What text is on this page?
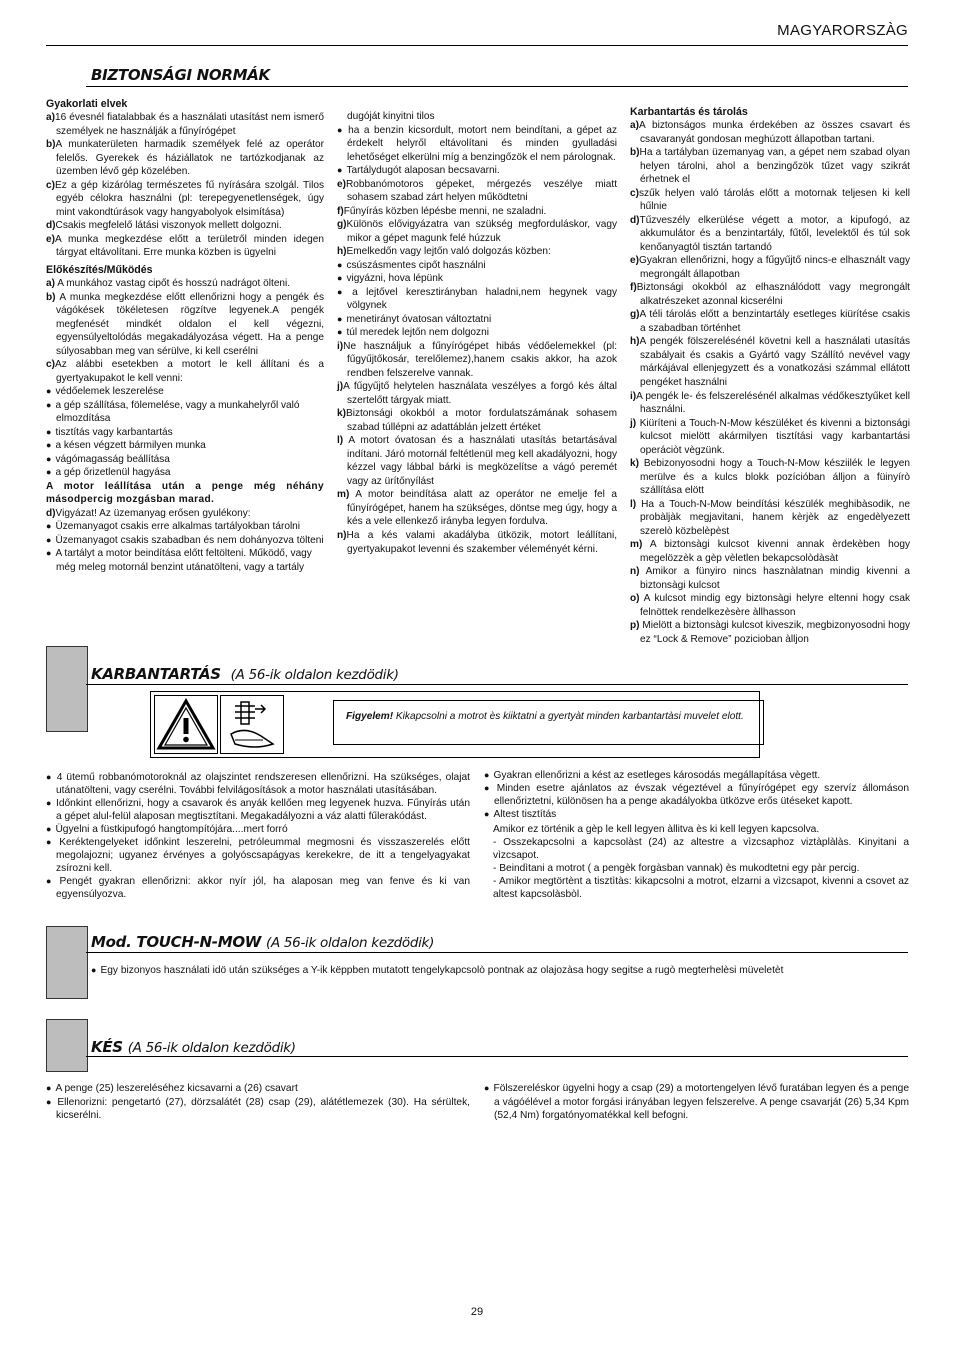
MAGYARORSZÀG
BIZTONSÁGI NORMÁK

Gyakorlati elvek

a)16 évesnél fiatalabbak és a használati utasítást nem ismerő személyek ne használják a fűnyírógépet

b)A munkaterületen harmadik személyek felé az operátor felelős. Gyerekek és háziállatok ne tartózkodjanak az üzemben lévő gép közelében.

c)Ez a gép kizárólag természetes fű nyírására szolgál. Tilos egyéb célokra használni (pl: terepegyenetlenségek, úgy mint vakondtúrások vagy hangyabolyok elsimítása)

d)Csakis megfelelő látási viszonyok mellett dolgozni.

e)A munka megkezdése előtt a területről minden idegen tárgyat eltávolítani. Erre munka közben is ügyelni

Előkészítés/Működés

a) A munkához vastag cipőt és hosszú nadrágot ölteni.

b) A munka megkezdése előtt ellenőrizni hogy a pengék és vágókések tökéletesen rögzítve legyenek.A pengék megfenését mindkét oldalon el kell végezni, egyensúlyeltolódás megakadályozása végett. Ha a penge súlyosabban meg van sérülve, ki kell cserélni

c)Az alábbi esetekben a motort le kell állítani és a gyertyakupakot le kell venni:

● védőelemek leszerelése

● a gép szállítása, fölemelése, vagy a munkahelyről való elmozdítása

● tisztítás vagy karbantartás

● a késen végzett bármilyen munka

● vágómagasság beállítása

● a gép őrizetlenül hagyása

A motor leállítása után a penge még néhány másodpercig mozgásban marad.

d)Vigyázat! Az üzemanyag erősen gyulékony:

● Üzemanyagot csakis erre alkalmas tartályokban tárolni

● Üzemanyagot csakis szabadban és nem dohányozva tölteni

● A tartályt a motor beindítása előtt feltölteni. Működő, vagy még meleg motornál benzint utánatölteni, vagy a tartály

dugóját kinyitni tilos

● ha a benzin kicsordult, motort nem beindítani, a gépet az érdekelt helyről eltávolítani és minden gyulladási lehetőséget elkerülni míg a benzingőzök el nem párolognak.

● Tartálydugót alaposan becsavarni.

e)Robbanómotoros gépeket, mérgezés veszélye miatt sohasem szabad zárt helyen működtetni

f)Fűnyírás közben lépésbe menni, ne szaladni.

g)Különös elővigyázatra van szükség megforduláskor, vagy mikor a gépet magunk felé húzzuk

h)Emelkedőn vagy lejtőn való dolgozás közben:

● csúszásmentes cipőt használni

● vigyázni, hova lépünk

● a lejtővel keresztirányban haladni,nem hegynek vagy völgynek

● menetirányt óvatosan változtatni

● túl meredek lejtőn nem dolgozni

i)Ne használjuk a fűnyírógépet hibás védőelemekkel (pl: fűgyűjtőkosár, terelőlemez),hanem csakis akkor, ha azok rendben felszerelve vannak.

j)A fűgyűjtő helytelen használata veszélyes a forgó kés által szertelőtt tárgyak miatt.

k)Biztonsági okokból a motor fordulatszámának sohasem szabad túllépni az adattáblán jelzett értéket

l) A motort óvatosan és a használati utasítás betartásával indítani. Járó motornál feltétlenül meg kell akadályozni, hogy kézzel vagy lábbal bárki is megközelítse a vágó peremét vagy az ürítőnyílást

m) A motor beindítása alatt az operátor ne emelje fel a fűnyírógépet, hanem ha szükséges, döntse meg úgy, hogy a kés a vele ellenkező irányba legyen fordulva.

n)Ha a kés valami akadályba ütközik, motort leállítani, gyertyakupakot levenni és szakember véleményét kérni.

Karbantartás és tárolás

a)A biztonságos munka érdekében az összes csavart és csavaranyát gondosan meghúzott állapotban tartani.

b)Ha a tartályban üzemanyag van, a gépet nem szabad olyan helyen tárolni, ahol a benzingőzök tűzet vagy szikrát érhetnek el

c)szűk helyen való tárolás előtt a motornak teljesen ki kell hűlnie

d)Tűzveszély elkerülése végett a motor, a kipufogó, az akkumulátor és a benzintartály, fűtől, levelektől és túl sok kenőanyagtól tisztán tartandó

e)Gyakran ellenőrizni, hogy a fűgyűjtő nincs-e elhasznált vagy megrongált állapotban

f)Biztonsági okokból az elhasználódott vagy megrongált alkatrészeket azonnal kicserélni

g)A téli tárolás előtt a benzintartály esetleges kiürítése csakis a szabadban történhet

h)A pengék fölszerelésénél követni kell a használati utasítás szabályait és csakis a Gyártó vagy Szállító nevével vagy márkájával ellenjegyzett és a vonatkozási számmal ellátott pengéket használni

i)A pengék le- és felszerelésénél alkalmas védőkesztyűket kell használni.

j) Kiüríteni a Touch-N-Mow készüléket és kivenni a biztonsági kulcsot mielött akármilyen tisztítási vagy karbantartási operáciòt vègzünk.

k) Bebizonyosodni hogy a Touch-N-Mow késziilék le legyen merülve és a kulcs blokk pozícióban álljon a füinyírò szállítása elött

l) Ha a Touch-N-Mow beindítási készülék meghibàsodik, ne probàljàk megjavitani, hanem kèrjèk az engedèlyezett szerelò közbelèpèst

m) A biztonsàgi kulcsot kivenni annak èrdekèben hogy megelözzèk a gèp vèletlen bekapcsolòdàsàt

n) Amikor a fünyiro nincs hasznàlatnan mindig kivenni a biztonsàgi kulcsot

o) A kulcsot mindig egy biztonsàgi helyre eltenni hogy csak felnöttek rendelkezèsère àllhasson

p) Mielött a biztonsàgi kulcsot kiveszik, megbizonyosodni hogy ez “Lock & Remove” pozicioban àlljon

KARBANTARTÁS (A 56-ik oldalon kezdödik)
Figyelem! Kikapcsolni a motrot ès kiiktatni a gyertyàt minden karbantartàsi muvelet elott.

● 4 ütemű robbanómotoroknál az olajszintet rendszeresen ellenőrizni. Ha szükséges, olajat utánatölteni, vagy cserélni. További felvilágosítások a motor használati utasításában.

● Időnkint ellenőrizni, hogy a csavarok és anyák kellően meg legyenek huzva. Fűnyírás után a gépet alul-felül alaposan megtisztítani. Megakadályozni a váz alatti fűlerakódást.

● Ügyelni a füstkipufogó hangtompítójára....mert forró

● Keréktengelyeket időnkint leszerelni, petróleummal megmosni és visszaszerelés előtt megolajozni; ugyanez érvényes a golyóscsapágyas kerekekre, de itt a tengelyagyakat zsírozni kell.

● Pengét gyakran ellenőrizni: akkor nyír jól, ha alaposan meg van fenve és ki van egyensúlyozva.

● Gyakran ellenőrizni a kést az esetleges károsodás megállapítása vègett.

● Minden esetre ajánlatos az évszak végeztével a fűnyírógépet egy szervíz állomáson ellenőriztetni, különösen ha a penge akadályokba ütközve erős ütéseket kapott.

● Altest tisztítás

Amikor ez történik a gèp le kell legyen àllitva ès ki kell legyen kapcsolva.

- Osszekapcsolni a kapcsolàst (24) az altestre a vìzcsaphoz viztàplàlàs. Kinyitani a vìzcsapot.

- Beindìtani a motrot ( a pengèk forgàsban vannak) ès mukodtetni egy pàr percig.

- Amikor megtörtènt a tisztìtàs: kikapcsolni a motrot, elzarni a vìzcsapot, kivenni a csovet az altest kapcsolàsbòl.

Mod. TOUCH-N-MOW (A 56-ik oldalon kezdödik)

● Egy bizonyos használati idö után szükséges a Y-ik këppben mutatott tengelykapcsolò pontnak az olajozàsa hogy segitse a rugò megterhelèsi müveletèt

KÉS (A 56-ik oldalon kezdödik)

● A penge (25) leszereléséhez kicsavarni a (26) csavart

● Ellenorizni: pengetartó (27), dörzsalátét (28) csap (29), alátétlemezek (30). Ha sérültek, kicserélni.

● Fölszereléskor ügyelni hogy a csap (29) a motortengelyen lévő furatában legyen és a penge a vágóélével a motor forgási irányában legyen felszerelve. A penge csavarját (26) 5,34 Kpm (52,4 Nm) forgatónyomatékkal kell befogni.

29
